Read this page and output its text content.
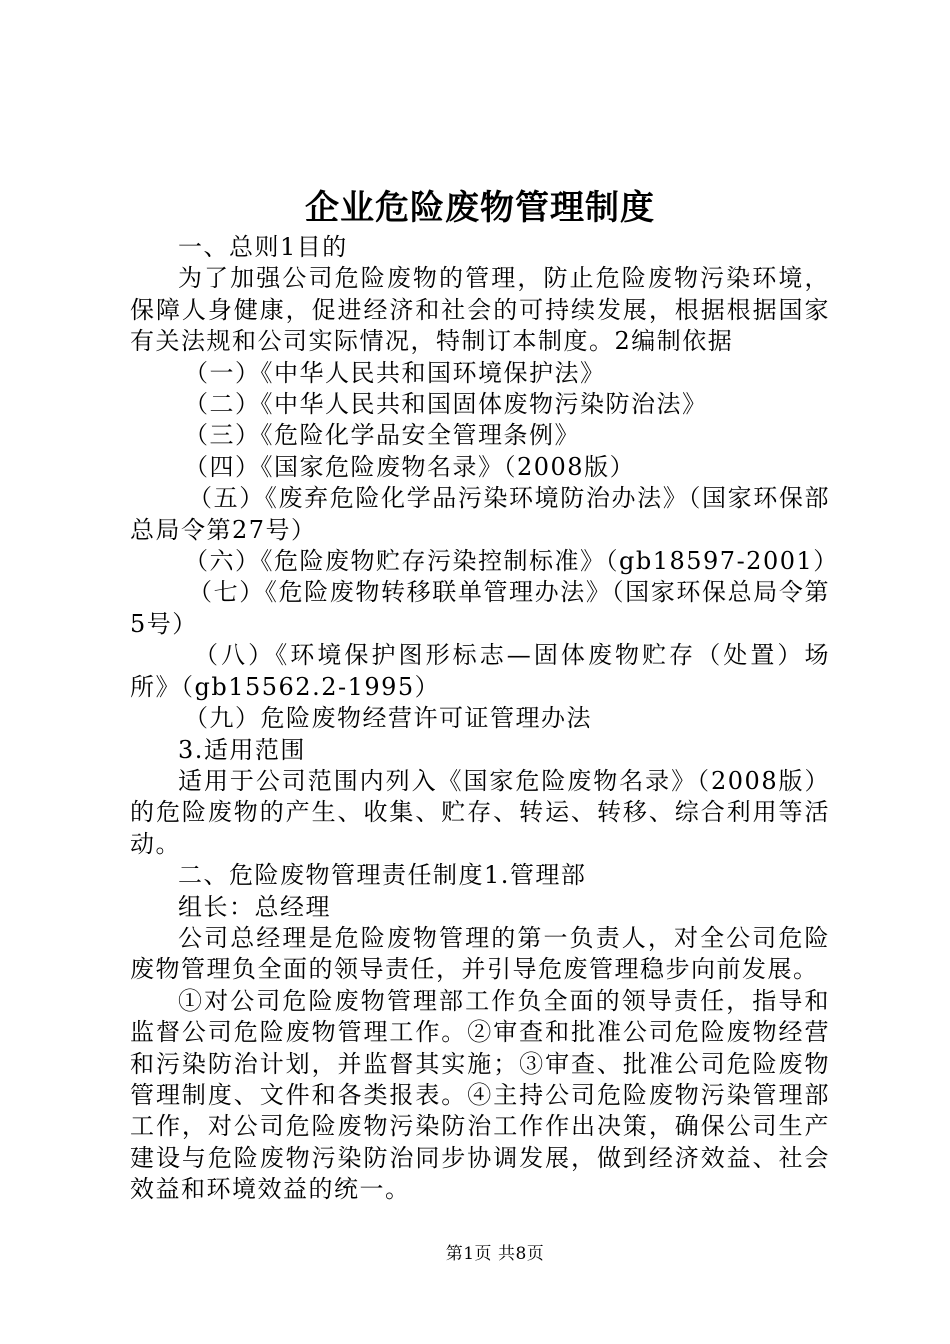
企业危险废物管理制度

一、总则1目的

为了加强公司危险废物的管理，防止危险废物污染环境，保障人身健康，促进经济和社会的可持续发展，根据根据国家有关法规和公司实际情况，特制订本制度。2编制依据

（一）《中华人民共和国环境保护法》

（二）《中华人民共和国固体废物污染防治法》

（三）《危险化学品安全管理条例》

（四）《国家危险废物名录》（2008版）

（五）《废弃危险化学品污染环境防治办法》（国家环保部总局令第27号）

（六）《危险废物贮存污染控制标准》（gb18597-2001）

（七）《危险废物转移联单管理办法》（国家环保总局令第5号）

（八）《环境保护图形标志—固体废物贮存（处置）场所》（gb15562.2-1995）

（九）危险废物经营许可证管理办法

3.适用范围

适用于公司范围内列入《国家危险废物名录》（2008版）的危险废物的产生、收集、贮存、转运、转移、综合利用等活动。

二、危险废物管理责任制度1.管理部

组长：总经理

公司总经理是危险废物管理的第一负责人，对全公司危险废物管理负全面的领导责任，并引导危废管理稳步向前发展。

①对公司危险废物管理部工作负全面的领导责任，指导和监督公司危险废物管理工作。②审查和批准公司危险废物经营和污染防治计划，并监督其实施；③审查、批准公司危险废物管理制度、文件和各类报表。④主持公司危险废物污染管理部工作，对公司危险废物污染防治工作作出决策，确保公司生产建设与危险废物污染防治同步协调发展，做到经济效益、社会效益和环境效益的统一。

第1页 共8页
